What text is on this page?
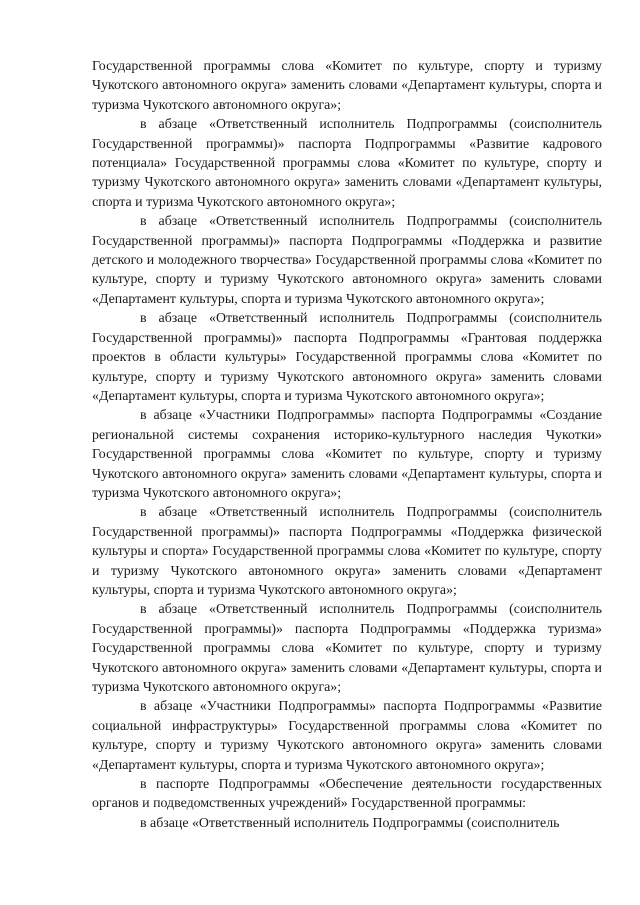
Государственной программы слова «Комитет по культуре, спорту и туризму Чукотского автономного округа» заменить словами «Департамент культуры, спорта и туризма Чукотского автономного округа»;

в абзаце «Ответственный исполнитель Подпрограммы (соисполнитель Государственной программы)» паспорта Подпрограммы «Развитие кадрового потенциала» Государственной программы слова «Комитет по культуре, спорту и туризму Чукотского автономного округа» заменить словами «Департамент культуры, спорта и туризма Чукотского автономного округа»;

в абзаце «Ответственный исполнитель Подпрограммы (соисполнитель Государственной программы)» паспорта Подпрограммы «Поддержка и развитие детского и молодежного творчества» Государственной программы слова «Комитет по культуре, спорту и туризму Чукотского автономного округа» заменить словами «Департамент культуры, спорта и туризма Чукотского автономного округа»;

в абзаце «Ответственный исполнитель Подпрограммы (соисполнитель Государственной программы)» паспорта Подпрограммы «Грантовая поддержка проектов в области культуры» Государственной программы слова «Комитет по культуре, спорту и туризму Чукотского автономного округа» заменить словами «Департамент культуры, спорта и туризма Чукотского автономного округа»;

в абзаце «Участники Подпрограммы» паспорта Подпрограммы «Создание региональной системы сохранения историко-культурного наследия Чукотки» Государственной программы слова «Комитет по культуре, спорту и туризму Чукотского автономного округа» заменить словами «Департамент культуры, спорта и туризма Чукотского автономного округа»;

в абзаце «Ответственный исполнитель Подпрограммы (соисполнитель Государственной программы)» паспорта Подпрограммы «Поддержка физической культуры и спорта» Государственной программы слова «Комитет по культуре, спорту и туризму Чукотского автономного округа» заменить словами «Департамент культуры, спорта и туризма Чукотского автономного округа»;

в абзаце «Ответственный исполнитель Подпрограммы (соисполнитель Государственной программы)» паспорта Подпрограммы «Поддержка туризма» Государственной программы слова «Комитет по культуре, спорту и туризму Чукотского автономного округа» заменить словами «Департамент культуры, спорта и туризма Чукотского автономного округа»;

в абзаце «Участники Подпрограммы» паспорта Подпрограммы «Развитие социальной инфраструктуры» Государственной программы слова «Комитет по культуре, спорту и туризму Чукотского автономного округа» заменить словами «Департамент культуры, спорта и туризма Чукотского автономного округа»;

в паспорте Подпрограммы «Обеспечение деятельности государственных органов и подведомственных учреждений» Государственной программы:

в абзаце «Ответственный исполнитель Подпрограммы (соисполнитель
